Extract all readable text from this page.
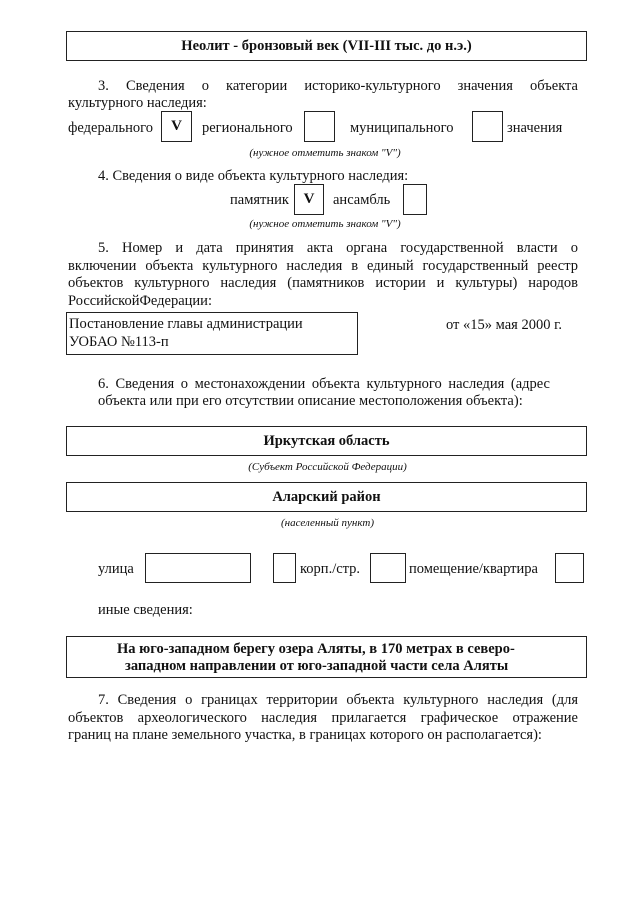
Неолит - бронзовый век (VII-III тыс. до н.э.)
3. Сведения о категории историко-культурного значения объекта
культурного наследия:
федерального	V	регионального	муниципального	значения
(нужное отметить знаком "V")
4. Сведения о виде объекта культурного наследия:
памятник V	ансамбль
(нужное отметить знаком "V")
5. Номер и дата принятия акта органа государственной власти о
включении объекта культурного наследия в единый государственный реестр
объектов культурного наследия (памятников истории и культуры) народов
РоссийскойФедерации:
Постановление главы администрации
УОБАО №113-п
от «15» мая 2000 г.
6. Сведения о местонахождении объекта культурного наследия (адрес
объекта или при его отсутствии описание местоположения объекта):
Иркутская область
(Субъект Российской Федерации)
Аларский район
(населенный пункт)
улица	корп./стр.	помещение/квартира
иные сведения:
На юго-западном берегу озера Аляты, в 170 метрах в северо-
западном направлении от юго-западной части села Аляты
7. Сведения о границах территории объекта культурного наследия (для
объектов археологического наследия прилагается графическое отражение
границ на плане земельного участка, в границах которого он располагается):
